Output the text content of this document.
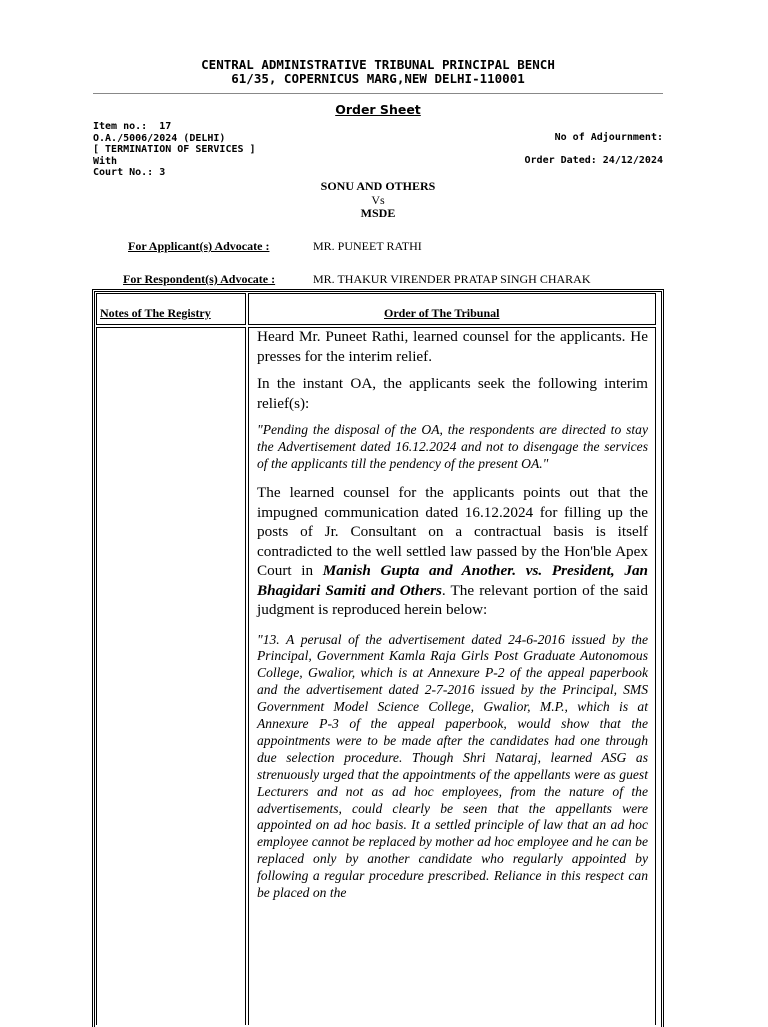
CENTRAL ADMINISTRATIVE TRIBUNAL PRINCIPAL BENCH
61/35, COPERNICUS MARG,NEW DELHI-110001
Order Sheet
Item no.:  17
O.A./5006/2024 (DELHI)
[ TERMINATION OF SERVICES ]
With
Court No.: 3
No of Adjournment:
Order Dated: 24/12/2024
SONU AND OTHERS
Vs
MSDE
For Applicant(s) Advocate :	MR. PUNEET RATHI
For Respondent(s) Advocate :	MR. THAKUR VIRENDER PRATAP SINGH CHARAK
Notes of The Registry	Order of The Tribunal

Heard Mr. Puneet Rathi, learned counsel for the applicants. He presses for the interim relief.

In the instant OA, the applicants seek the following interim relief(s):

"Pending the disposal of the OA, the respondents are directed to stay the Advertisement dated 16.12.2024 and not to disengage the services of the applicants till the pendency of the present OA."

The learned counsel for the applicants points out that the impugned communication dated 16.12.2024 for filling up the posts of Jr. Consultant on a contractual basis is itself contradicted to the well settled law passed by the Hon'ble Apex Court in Manish Gupta and Another. vs. President, Jan Bhagidari Samiti and Others. The relevant portion of the said judgment is reproduced herein below:

"13. A perusal of the advertisement dated 24-6-2016 issued by the Principal, Government Kamla Raja Girls Post Graduate Autonomous College, Gwalior, which is at Annexure P-2 of the appeal paperbook and the advertisement dated 2-7-2016 issued by the Principal, SMS Government Model Science College, Gwalior, M.P., which is at Annexure P-3 of the appeal paperbook, would show that the appointments were to be made after the candidates had one through due selection procedure. Though Shri Nataraj, learned ASG as strenuously urged that the appointments of the appellants were as guest Lecturers and not as ad hoc employees, from the nature of the advertisements, could clearly be seen that the appellants were appointed on ad hoc basis. It a settled principle of law that an ad hoc employee cannot be replaced by mother ad hoc employee and he can be replaced only by another candidate who regularly appointed by following a regular procedure prescribed. Reliance in this respect can be placed on the
